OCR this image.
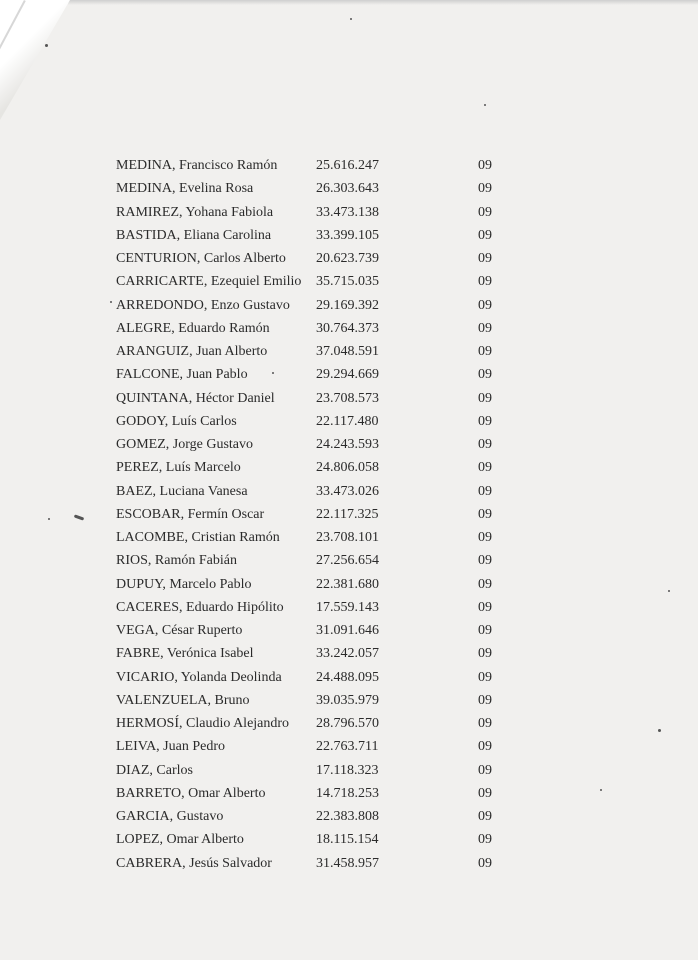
MEDINA, Francisco Ramón	25.616.247	09
MEDINA, Evelina Rosa	26.303.643	09
RAMIREZ, Yohana Fabiola	33.473.138	09
BASTIDA, Eliana Carolina	33.399.105	09
CENTURION, Carlos Alberto 20.623.739	09
CARRICARTE, Ezequiel Emilio 35.715.035	09
ARREDONDO, Enzo Gustavo 29.169.392	09
ALEGRE, Eduardo Ramón	30.764.373	09
ARANGUIZ, Juan Alberto	37.048.591	09
FALCONE, Juan Pablo	29.294.669	09
QUINTANA, Héctor Daniel	23.708.573	09
GODOY, Luís Carlos	22.117.480	09
GOMEZ, Jorge Gustavo	24.243.593	09
PEREZ, Luís Marcelo	24.806.058	09
BAEZ, Luciana Vanesa	33.473.026	09
ESCOBAR, Fermín Oscar	22.117.325	09
LACOMBE, Cristian Ramón	23.708.101	09
RIOS, Ramón Fabián	27.256.654	09
DUPUY, Marcelo Pablo	22.381.680	09
CACERES, Eduardo Hipólito 17.559.143	09
VEGA, César Ruperto	31.091.646	09
FABRE, Verónica Isabel	33.242.057	09
VICARIO, Yolanda Deolinda 24.488.095	09
VALENZUELA, Bruno	39.035.979	09
HERMOSÍ, Claudio Alejandro 28.796.570	09
LEIVA, Juan Pedro	22.763.711	09
DIAZ, Carlos	17.118.323	09
BARRETO, Omar Alberto	14.718.253	09
GARCIA, Gustavo	22.383.808	09
LOPEZ, Omar Alberto	18.115.154	09
CABRERA, Jesús Salvador	31.458.957	09
